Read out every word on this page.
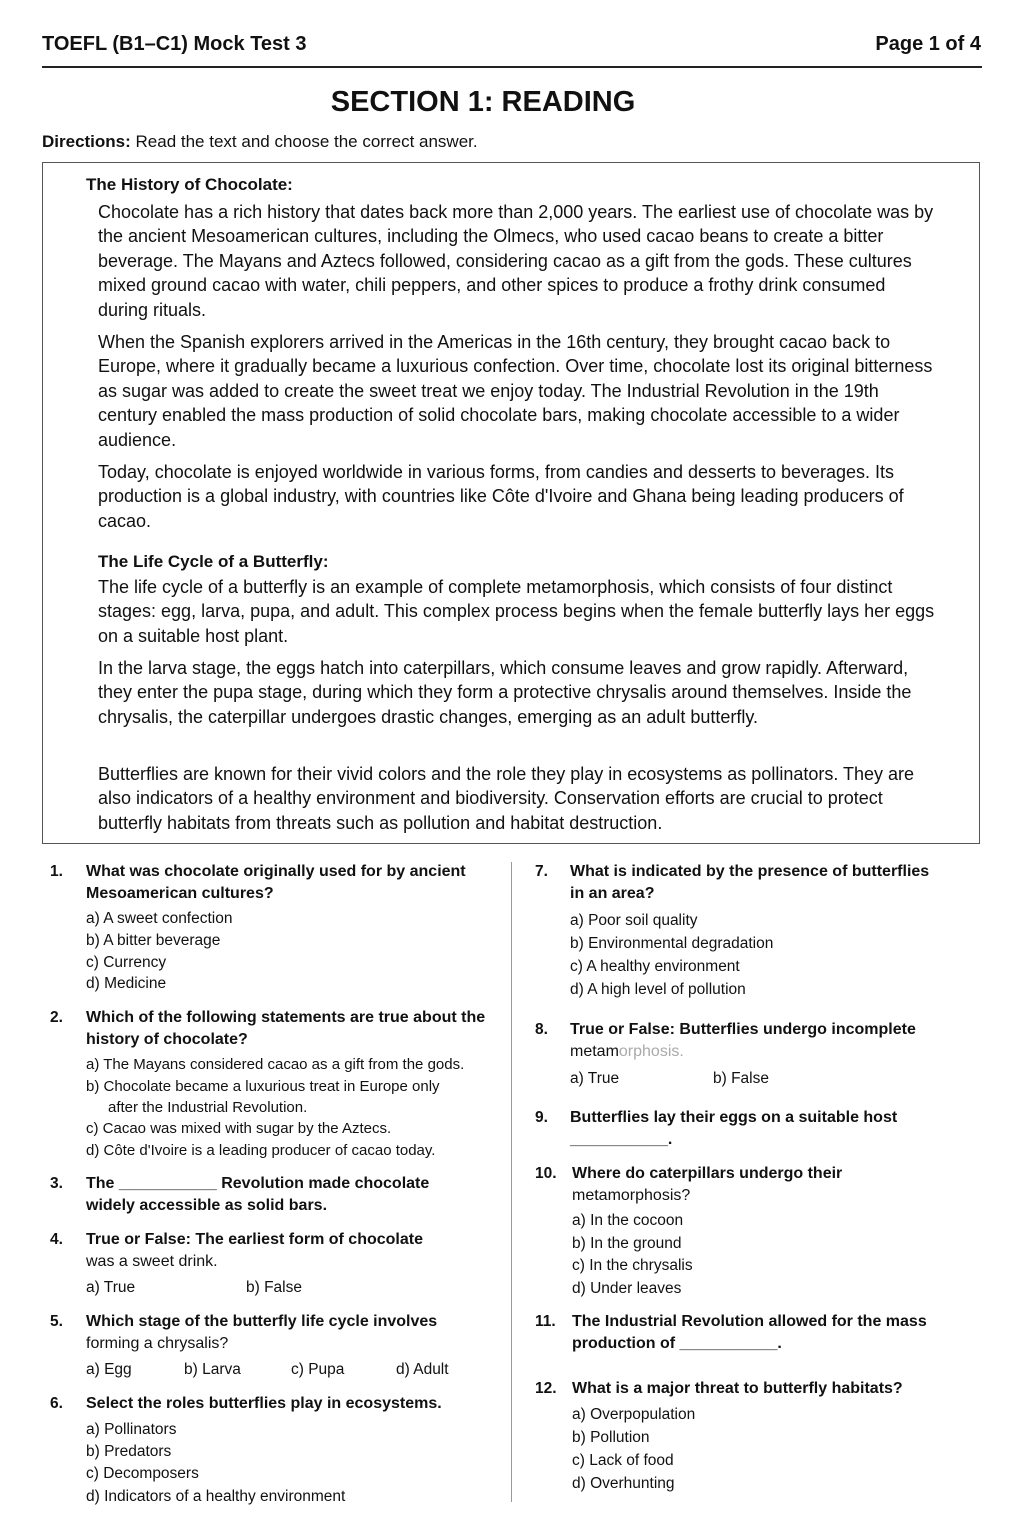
TOEFL (B1–C1) Mock Test 3	Page 1 of 4
SECTION 1: READING
Directions: Read the text and choose the correct answer.
The History of Chocolate:

Chocolate has a rich history that dates back more than 2,000 years. The earliest use of chocolate was by the ancient Mesoamerican cultures, including the Olmecs, who used cacao beans to create a bitter beverage. The Mayans and Aztecs followed, considering cacao as a gift from the gods. These cultures mixed ground cacao with water, chili peppers, and other spices to produce a frothy drink consumed during rituals.

When the Spanish explorers arrived in the Americas in the 16th century, they brought cacao back to Europe, where it gradually became a luxurious confection. Over time, chocolate lost its original bitterness as sugar was added to create the sweet treat we enjoy today. The Industrial Revolution in the 19th century enabled the mass production of solid chocolate bars, making chocolate accessible to a wider audience.

Today, chocolate is enjoyed worldwide in various forms, from candies and desserts to beverages. Its production is a global industry, with countries like Côte d'Ivoire and Ghana being leading producers of cacao.

The Life Cycle of a Butterfly:

The life cycle of a butterfly is an example of complete metamorphosis, which consists of four distinct stages: egg, larva, pupa, and adult. This complex process begins when the female butterfly lays her eggs on a suitable host plant.

In the larva stage, the eggs hatch into caterpillars, which consume leaves and grow rapidly. Afterward, they enter the pupa stage, during which they form a protective chrysalis around themselves. Inside the chrysalis, the caterpillar undergoes drastic changes, emerging as an adult butterfly.

Butterflies are known for their vivid colors and the role they play in ecosystems as pollinators. They are also indicators of a healthy environment and biodiversity. Conservation efforts are crucial to protect butterfly habitats from threats such as pollution and habitat destruction.

1. What was chocolate originally used for by ancient Mesoamerican cultures?
a) A sweet confection
b) A bitter beverage
c) Currency
d) Medicine
2. Which of the following statements are true about the history of chocolate?
a) The Mayans considered cacao as a gift from the gods.
b) Chocolate became a luxurious treat in Europe only
after the Industrial Revolution.
c) Cacao was mixed with sugar by the Aztecs.
d) Côte d'Ivoire is a leading producer of cacao today.
3. The ___________ Revolution made chocolate
widely accessible as solid bars.
4. True or False: The earliest form of chocolate
was a sweet drink.
a) True	b) False
5. Which stage of the butterfly life cycle involves
forming a chrysalis?
a) Egg	b) Larva	c) Pupa	d) Adult
6. Select the roles butterflies play in ecosystems.
a) Pollinators
b) Predators
c) Decomposers
d) Indicators of a healthy environment
7. What is indicated by the presence of butterflies
in an area?
a) Poor soil quality
b) Environmental degradation
c) A healthy environment
d) A high level of pollution
8. True or False: Butterflies undergo incomplete
metamorphosis.
a) True	b) False
9. Butterflies lay their eggs on a suitable host
___________.
10. Where do caterpillars undergo their
metamorphosis?
a) In the cocoon
b) In the ground
c) In the chrysalis
d) Under leaves
11. The Industrial Revolution allowed for the mass
production of ___________.
12. What is a major threat to butterfly habitats?
a) Overpopulation
b) Pollution
c) Lack of food
d) Overhunting
